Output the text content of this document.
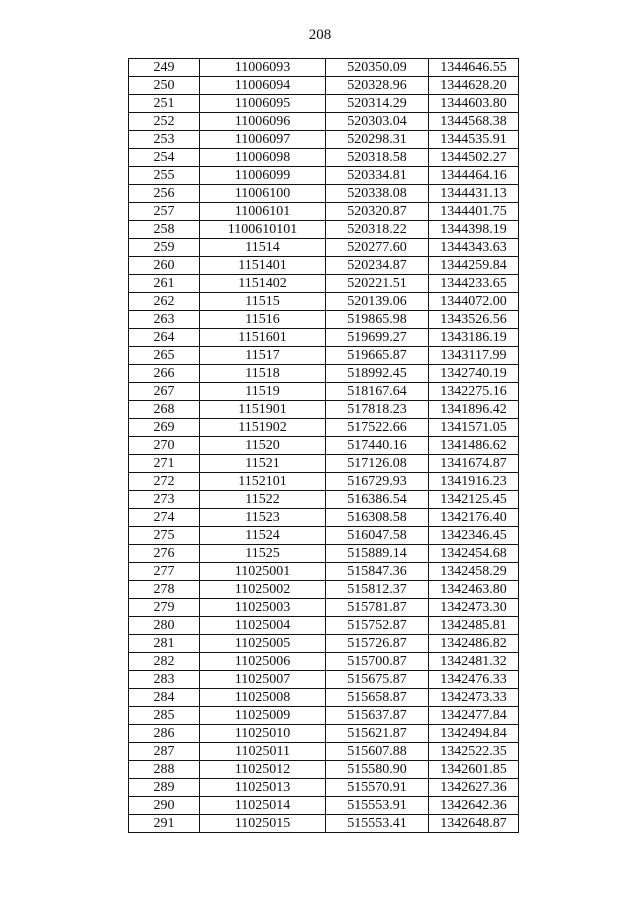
208
249	11006093	520350.09	1344646.55
250	11006094	520328.96	1344628.20
251	11006095	520314.29	1344603.80
252	11006096	520303.04	1344568.38
253	11006097	520298.31	1344535.91
254	11006098	520318.58	1344502.27
255	11006099	520334.81	1344464.16
256	11006100	520338.08	1344431.13
257	11006101	520320.87	1344401.75
258	1100610101	520318.22	1344398.19
259	11514	520277.60	1344343.63
260	1151401	520234.87	1344259.84
261	1151402	520221.51	1344233.65
262	11515	520139.06	1344072.00
263	11516	519865.98	1343526.56
264	1151601	519699.27	1343186.19
265	11517	519665.87	1343117.99
266	11518	518992.45	1342740.19
267	11519	518167.64	1342275.16
268	1151901	517818.23	1341896.42
269	1151902	517522.66	1341571.05
270	11520	517440.16	1341486.62
271	11521	517126.08	1341674.87
272	1152101	516729.93	1341916.23
273	11522	516386.54	1342125.45
274	11523	516308.58	1342176.40
275	11524	516047.58	1342346.45
276	11525	515889.14	1342454.68
277	11025001	515847.36	1342458.29
278	11025002	515812.37	1342463.80
279	11025003	515781.87	1342473.30
280	11025004	515752.87	1342485.81
281	11025005	515726.87	1342486.82
282	11025006	515700.87	1342481.32
283	11025007	515675.87	1342476.33
284	11025008	515658.87	1342473.33
285	11025009	515637.87	1342477.84
286	11025010	515621.87	1342494.84
287	11025011	515607.88	1342522.35
288	11025012	515580.90	1342601.85
289	11025013	515570.91	1342627.36
290	11025014	515553.91	1342642.36
291	11025015	515553.41	1342648.87
